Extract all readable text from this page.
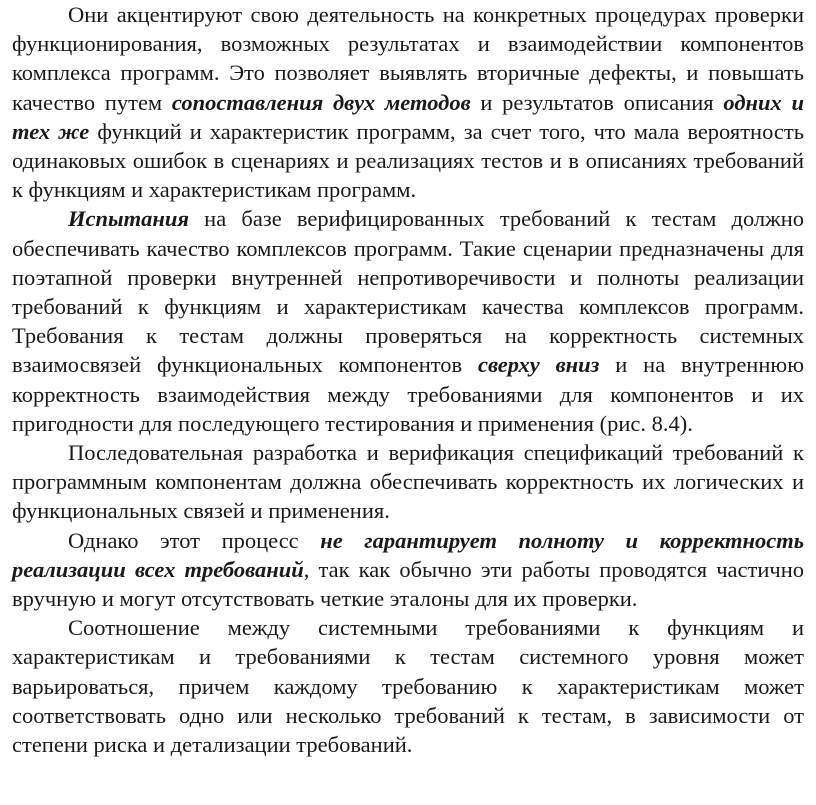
Они акцентируют свою деятельность на конкретных процедурах проверки функционирования, возможных результатах и взаимодействии компонентов комплекса программ. Это позволяет выявлять вторичные дефекты, и повышать качество путем сопоставления двух методов и результатов описания одних и тех же функций и характеристик программ, за счет того, что мала вероятность одинаковых ошибок в сценариях и реализациях тестов и в описаниях требований к функциям и характеристикам программ.

Испытания на базе верифицированных требований к тестам должно обеспечивать качество комплексов программ. Такие сценарии предназначены для поэтапной проверки внутренней непротиворечивости и полноты реализации требований к функциям и характеристикам качества комплексов программ. Требования к тестам должны проверяться на корректность системных взаимосвязей функциональных компонентов сверху вниз и на внутреннюю корректность взаимодействия между требованиями для компонентов и их пригодности для последующего тестирования и применения (рис. 8.4).

Последовательная разработка и верификация спецификаций требований к программным компонентам должна обеспечивать корректность их логических и функциональных связей и применения.

Однако этот процесс не гарантирует полноту и корректность реализации всех требований, так как обычно эти работы проводятся частично вручную и могут отсутствовать четкие эталоны для их проверки.

Соотношение между системными требованиями к функциям и характеристикам и требованиями к тестам системного уровня может варьироваться, причем каждому требованию к характеристикам может соответствовать одно или несколько требований к тестам, в зависимости от степени риска и детализации требований.
